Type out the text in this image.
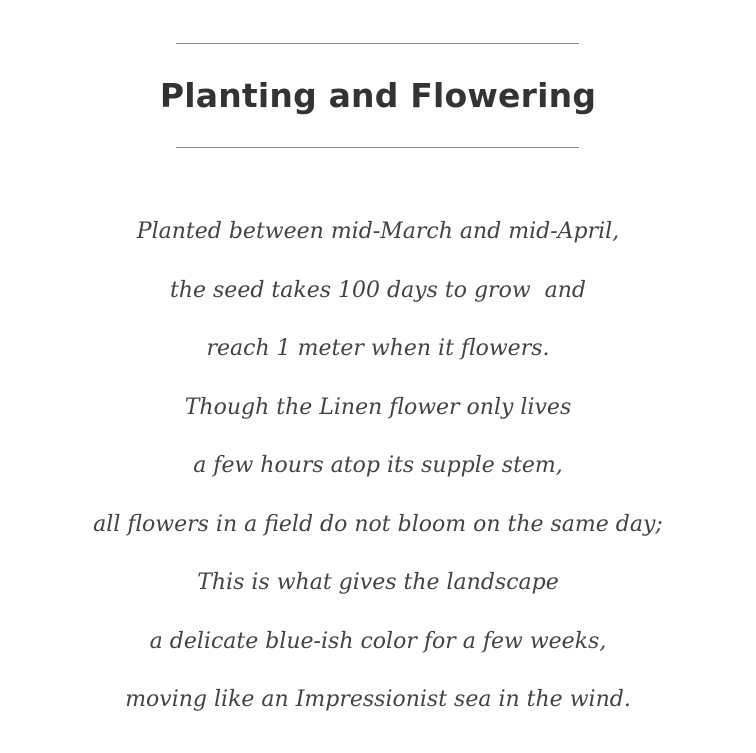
Planting and Flowering
Planted between mid-March and mid-April,
the seed takes 100 days to grow  and
reach 1 meter when it flowers.
Though the Linen flower only lives
a few hours atop its supple stem,
all flowers in a field do not bloom on the same day;
This is what gives the landscape
a delicate blue-ish color for a few weeks,
moving like an Impressionist sea in the wind.
